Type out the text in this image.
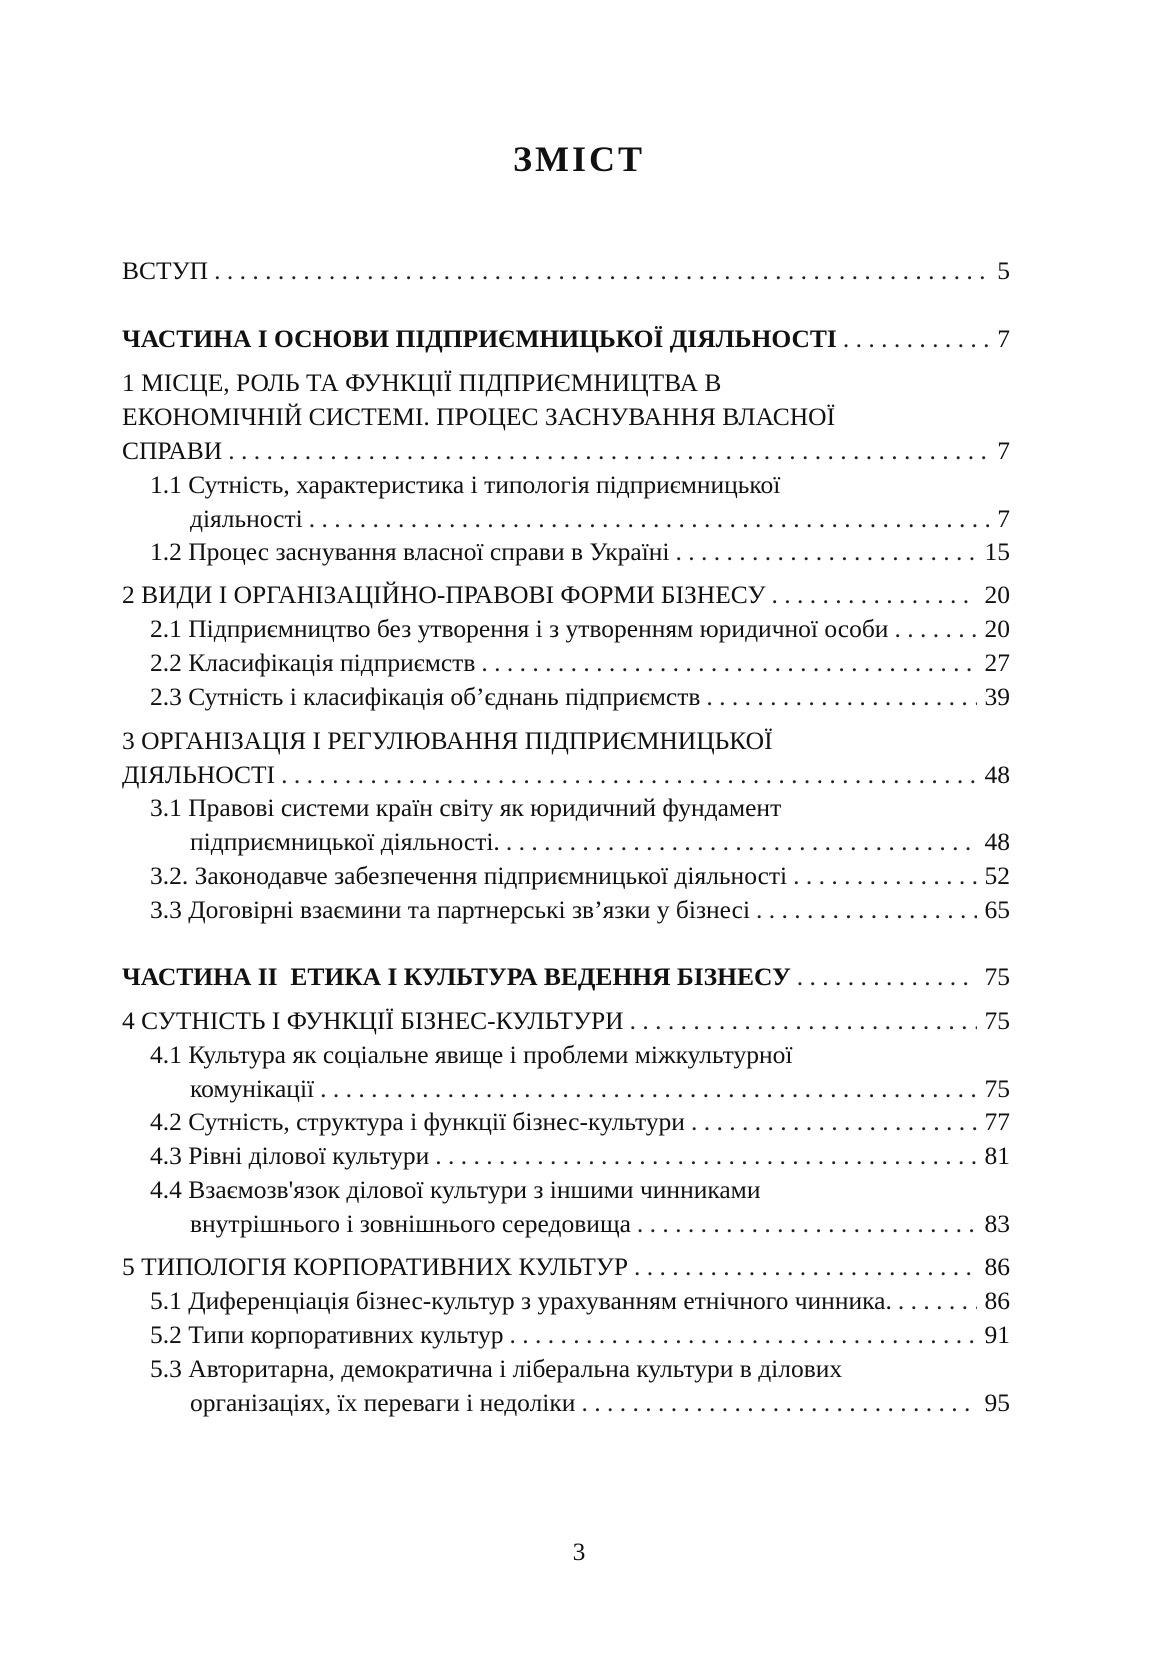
ЗМІСТ
ВСТУП . . .	5
ЧАСТИНА І ОСНОВИ ПІДПРИЄМНИЦЬКОЇ ДІЯЛЬНОСТІ . . .	7
1 МІСЦЕ, РОЛЬ ТА ФУНКЦІЇ ПІДПРИЄМНИЦТВА В
ЕКОНОМІЧНІЙ СИСТЕМІ. ПРОЦЕС ЗАСНУВАННЯ ВЛАСНОЇ
СПРАВИ . . .	7
1.1 Сутність, характеристика і типологія підприємницької
діяльності . . .	7
1.2 Процес заснування власної справи в Україні . . .	15
2 ВИДИ І ОРГАНІЗАЦІЙНО-ПРАВОВІ ФОРМИ БІЗНЕСУ . . .	20
2.1 Підприємництво без утворення і з утворенням юридичної особи . . .	20
2.2 Класифікація підприємств . . .	27
2.3 Сутність і класифікація об’єднань підприємств . . .	39
3 ОРГАНІЗАЦІЯ І РЕГУЛЮВАННЯ ПІДПРИЄМНИЦЬКОЇ
ДІЯЛЬНОСТІ . . .	48
3.1 Правові системи країн світу як юридичний фундамент
підприємницької діяльності. . . .	48
3.2. Законодавче забезпечення підприємницької діяльності . . .	52
3.3 Договірні взаємини та партнерські зв’язки у бізнесі . . .	65
ЧАСТИНА ІІ  ЕТИКА І КУЛЬТУРА ВЕДЕННЯ БІЗНЕСУ . . .	75
4 СУТНІСТЬ І ФУНКЦІЇ БІЗНЕС-КУЛЬТУРИ . . .	75
4.1 Культура як соціальне явище і проблеми міжкультурної
комунікації . . .	75
4.2 Сутність, структура і функції бізнес-культури . . .	77
4.3 Рівні ділової культури . . .	81
4.4 Взаємозв'язок ділової культури з іншими чинниками
внутрішнього і зовнішнього середовища . . .	83
5 ТИПОЛОГІЯ КОРПОРАТИВНИХ КУЛЬТУР . . .	86
5.1 Диференціація бізнес-культур з урахуванням етнічного чинника. . . .	86
5.2 Типи корпоративних культур . . .	91
5.3 Авторитарна, демократична і ліберальна культури в ділових
організаціях, їх переваги і недоліки . . .	95
3
